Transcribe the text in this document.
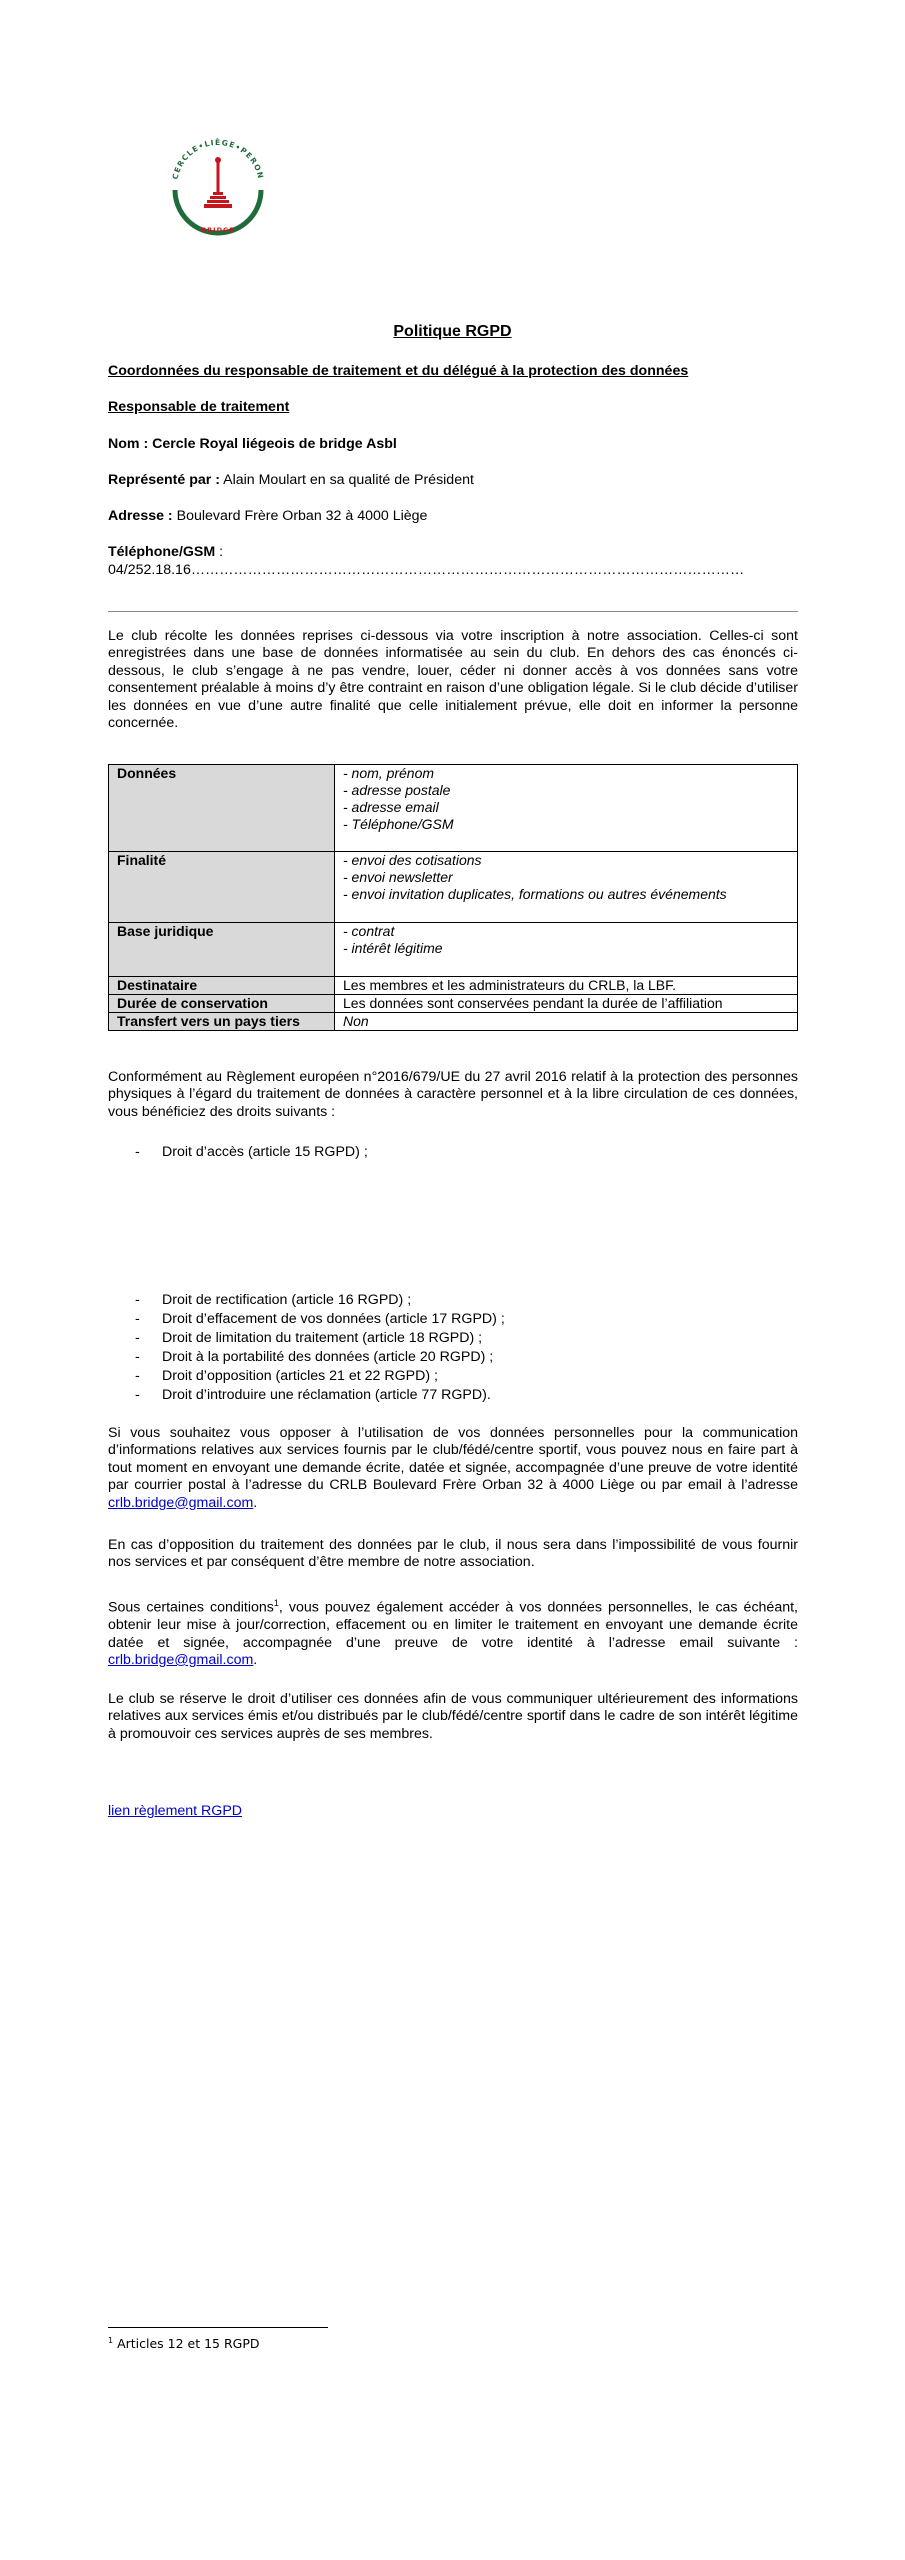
CERCLE•LIÈGE•PERON
BRIDGE
Politique RGPD
Coordonnées du responsable de traitement et du délégué à la protection des données
Responsable de traitement
Nom : Cercle Royal liégeois de bridge Asbl
Représenté par : Alain Moulart en sa qualité de Président
Adresse : Boulevard Frère Orban 32 à 4000 Liège
Téléphone/GSM :
04/252.18.16………………………………………………………………………………………………………
Le club récolte les données reprises ci-dessous via votre inscription à notre association. Celles-ci sont enregistrées dans une base de données informatisée au sein du club. En dehors des cas énoncés ci-dessous, le club s’engage à ne pas vendre, louer, céder ni donner accès à vos données sans votre consentement préalable à moins d’y être contraint en raison d’une obligation légale. Si le club décide d’utiliser les données en vue d’une autre finalité que celle initialement prévue, elle doit en informer la personne concernée.
Données	- nom, prénom
- adresse postale
- adresse email
- Téléphone/GSM

Finalité	- envoi des cotisations
- envoi newsletter
- envoi invitation duplicates, formations ou autres événements

Base juridique	- contrat
- intérêt légitime

Destinataire	Les membres et les administrateurs du CRLB, la LBF.
Durée de conservation	Les données sont conservées pendant la durée de l’affiliation
Transfert vers un pays tiers	Non
Conformément au Règlement européen n°2016/679/UE du 27 avril 2016 relatif à la protection des personnes physiques à l’égard du traitement de données à caractère personnel et à la libre circulation de ces données, vous bénéficiez des droits suivants :
- Droit d’accès (article 15 RGPD) ;
- Droit de rectification (article 16 RGPD) ;
- Droit d’effacement de vos données (article 17 RGPD) ;
- Droit de limitation du traitement (article 18 RGPD) ;
- Droit à la portabilité des données (article 20 RGPD) ;
- Droit d’opposition (articles 21 et 22 RGPD) ;
- Droit d’introduire une réclamation (article 77 RGPD).
Si vous souhaitez vous opposer à l’utilisation de vos données personnelles pour la communication d’informations relatives aux services fournis par le club/fédé/centre sportif, vous pouvez nous en faire part à tout moment en envoyant une demande écrite, datée et signée, accompagnée d’une preuve de votre identité par courrier postal à l’adresse du CRLB Boulevard Frère Orban 32 à 4000 Liège ou par email à l’adresse crlb.bridge@gmail.com.
En cas d’opposition du traitement des données par le club, il nous sera dans l’impossibilité de vous fournir nos services et par conséquent d’être membre de notre association.
Sous certaines conditions$^1$, vous pouvez également accéder à vos données personnelles, le cas échéant, obtenir leur mise à jour/correction, effacement ou en limiter le traitement en envoyant une demande écrite datée et signée, accompagnée d’une preuve de votre identité à l’adresse email suivante : crlb.bridge@gmail.com.
Le club se réserve le droit d’utiliser ces données afin de vous communiquer ultérieurement des informations relatives aux services émis et/ou distribués par le club/fédé/centre sportif dans le cadre de son intérêt légitime à promouvoir ces services auprès de ses membres.
lien règlement RGPD
$^1$ Articles 12 et 15 RGPD
